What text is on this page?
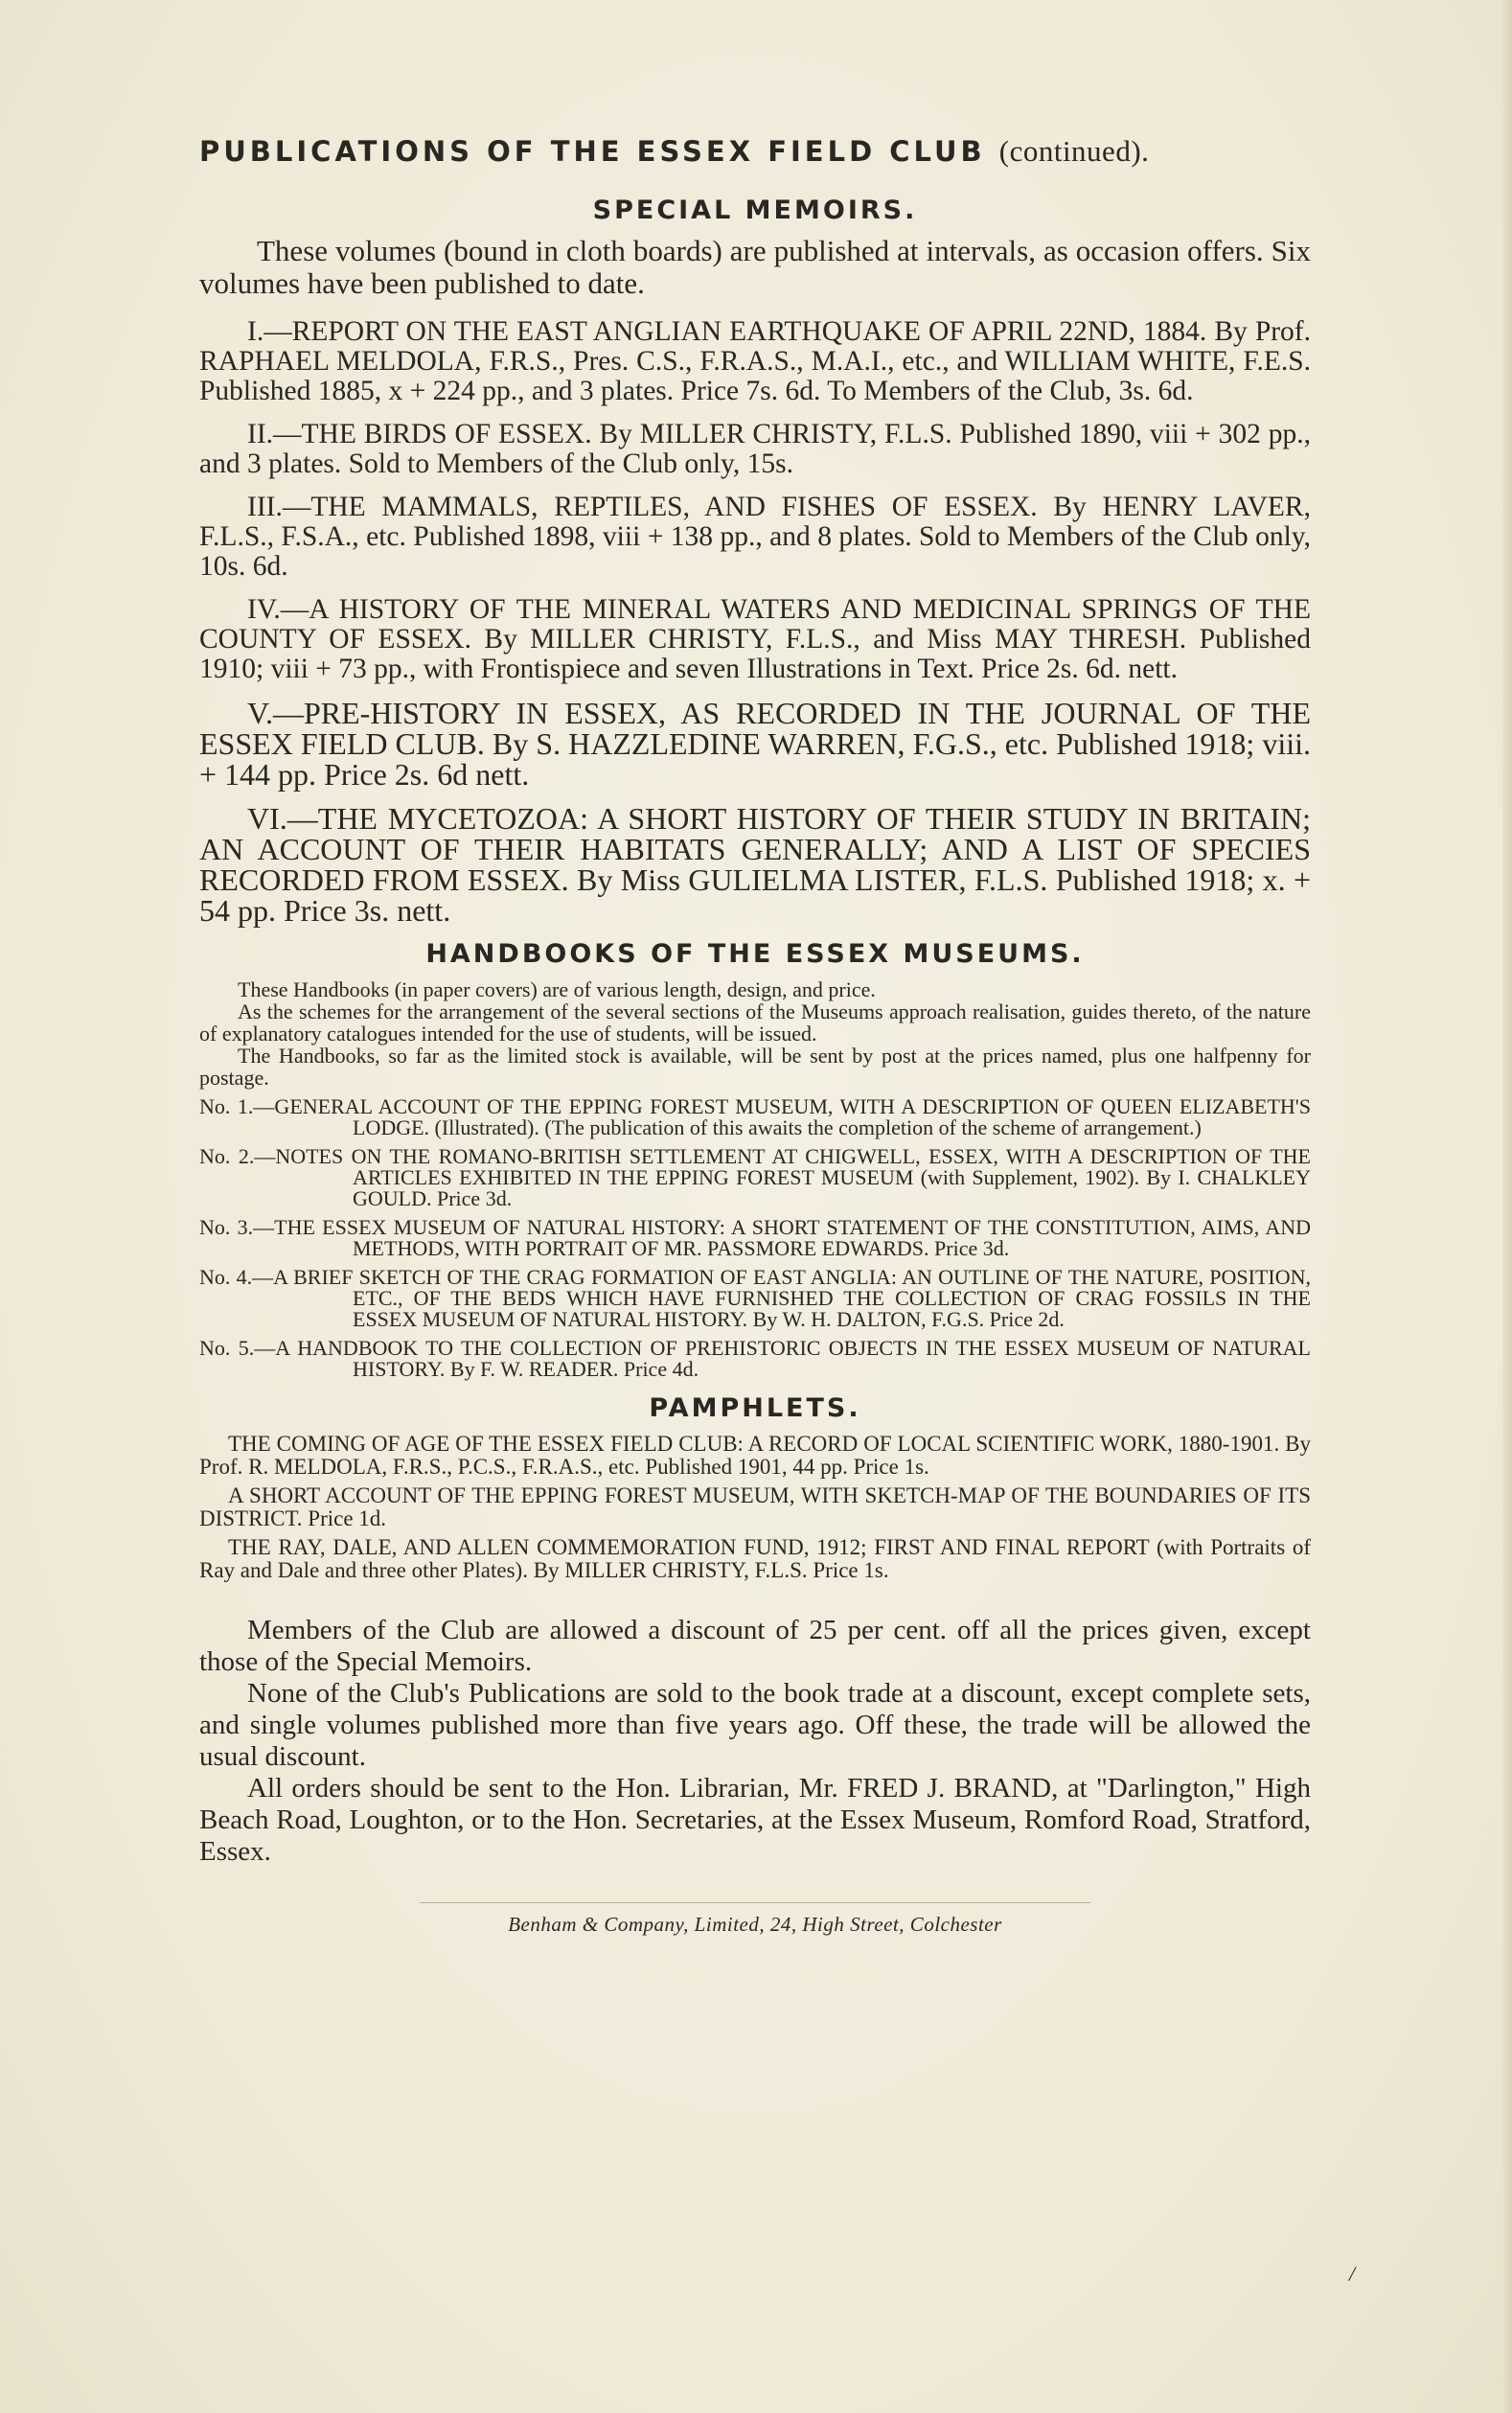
PUBLICATIONS OF THE ESSEX FIELD CLUB (continued).
SPECIAL MEMOIRS.

These volumes (bound in cloth boards) are published at intervals, as occasion offers. Six volumes have been published to date.

I.—REPORT ON THE EAST ANGLIAN EARTHQUAKE OF APRIL 22ND, 1884. By Prof. RAPHAEL MELDOLA, F.R.S., Pres. C.S., F.R.A.S., M.A.I., etc., and WILLIAM WHITE, F.E.S. Published 1885, x + 224 pp., and 3 plates. Price 7s. 6d. To Members of the Club, 3s. 6d.

II.—THE BIRDS OF ESSEX. By MILLER CHRISTY, F.L.S. Published 1890, viii + 302 pp., and 3 plates. Sold to Members of the Club only, 15s.

III.—THE MAMMALS, REPTILES, AND FISHES OF ESSEX. By HENRY LAVER, F.L.S., F.S.A., etc. Published 1898, viii + 138 pp., and 8 plates. Sold to Members of the Club only, 10s. 6d.

IV.—A HISTORY OF THE MINERAL WATERS AND MEDICINAL SPRINGS OF THE COUNTY OF ESSEX. By MILLER CHRISTY, F.L.S., and Miss MAY THRESH. Published 1910; viii + 73 pp., with Frontispiece and seven Illustrations in Text. Price 2s. 6d. nett.

V.—PRE-HISTORY IN ESSEX, AS RECORDED IN THE JOURNAL OF THE ESSEX FIELD CLUB. By S. HAZZLEDINE WARREN, F.G.S., etc. Published 1918; viii. + 144 pp. Price 2s. 6d nett.

VI.—THE MYCETOZOA: A SHORT HISTORY OF THEIR STUDY IN BRITAIN; AN ACCOUNT OF THEIR HABITATS GENERALLY; AND A LIST OF SPECIES RECORDED FROM ESSEX. By Miss GULIELMA LISTER, F.L.S. Published 1918; x. + 54 pp. Price 3s. nett.

HANDBOOKS OF THE ESSEX MUSEUMS.

These Handbooks (in paper covers) are of various length, design, and price.

As the schemes for the arrangement of the several sections of the Museums approach realisation, guides thereto, of the nature of explanatory catalogues intended for the use of students, will be issued.

The Handbooks, so far as the limited stock is available, will be sent by post at the prices named, plus one halfpenny for postage.

No. 1.—GENERAL ACCOUNT OF THE EPPING FOREST MUSEUM, WITH A DESCRIPTION OF QUEEN ELIZABETH'S LODGE. (Illustrated). (The publication of this awaits the completion of the scheme of arrangement.)

No. 2.—NOTES ON THE ROMANO-BRITISH SETTLEMENT AT CHIGWELL, ESSEX, WITH A DESCRIPTION OF THE ARTICLES EXHIBITED IN THE EPPING FOREST MUSEUM (with Supplement, 1902). By I. CHALKLEY GOULD. Price 3d.

No. 3.—THE ESSEX MUSEUM OF NATURAL HISTORY: A SHORT STATEMENT OF THE CONSTITUTION, AIMS, AND METHODS, WITH PORTRAIT OF MR. PASSMORE EDWARDS. Price 3d.

No. 4.—A BRIEF SKETCH OF THE CRAG FORMATION OF EAST ANGLIA: AN OUTLINE OF THE NATURE, POSITION, ETC., OF THE BEDS WHICH HAVE FURNISHED THE COLLECTION OF CRAG FOSSILS IN THE ESSEX MUSEUM OF NATURAL HISTORY. By W. H. DALTON, F.G.S. Price 2d.

No. 5.—A HANDBOOK TO THE COLLECTION OF PREHISTORIC OBJECTS IN THE ESSEX MUSEUM OF NATURAL HISTORY. By F. W. READER. Price 4d.

PAMPHLETS.

THE COMING OF AGE OF THE ESSEX FIELD CLUB: A RECORD OF LOCAL SCIENTIFIC WORK, 1880-1901. By Prof. R. MELDOLA, F.R.S., P.C.S., F.R.A.S., etc. Published 1901, 44 pp. Price 1s.

A SHORT ACCOUNT OF THE EPPING FOREST MUSEUM, WITH SKETCH-MAP OF THE BOUNDARIES OF ITS DISTRICT. Price 1d.

THE RAY, DALE, AND ALLEN COMMEMORATION FUND, 1912; FIRST AND FINAL REPORT (with Portraits of Ray and Dale and three other Plates). By MILLER CHRISTY, F.L.S. Price 1s.

Members of the Club are allowed a discount of 25 per cent. off all the prices given, except those of the Special Memoirs.

None of the Club's Publications are sold to the book trade at a discount, except complete sets, and single volumes published more than five years ago. Off these, the trade will be allowed the usual discount.

All orders should be sent to the Hon. Librarian, Mr. FRED J. BRAND, at "Darlington," High Beach Road, Loughton, or to the Hon. Secretaries, at the Essex Museum, Romford Road, Stratford, Essex.

Benham & Company, Limited, 24, High Street, Colchester
/
